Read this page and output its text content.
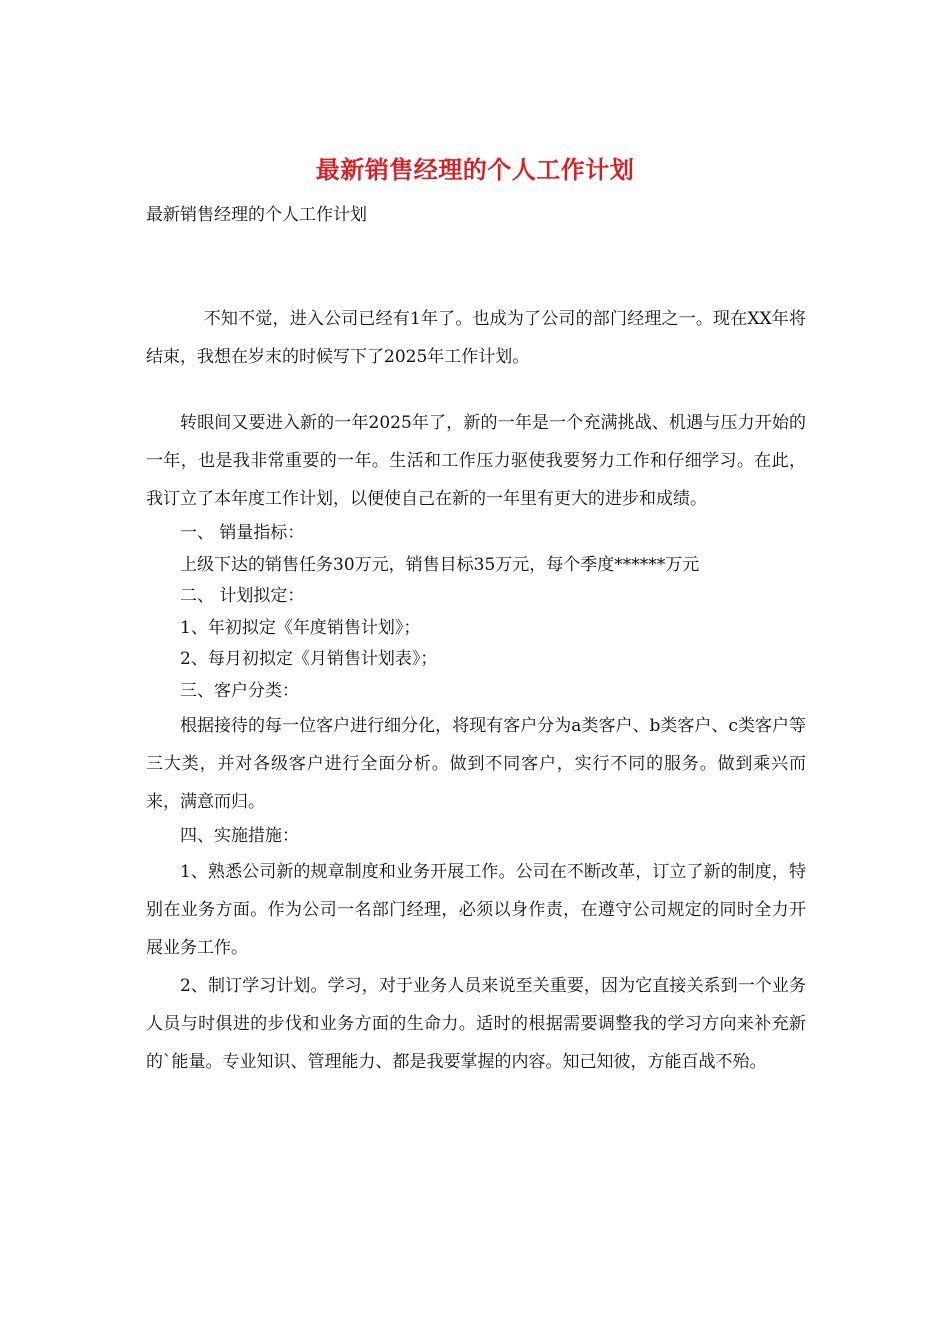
最新销售经理的个人工作计划
最新销售经理的个人工作计划

不知不觉，进入公司已经有1年了。也成为了公司的部门经理之一。现在XX年将结束，我想在岁末的时候写下了2025年工作计划。

转眼间又要进入新的一年2025年了，新的一年是一个充满挑战、机遇与压力开始的一年，也是我非常重要的一年。生活和工作压力驱使我要努力工作和仔细学习。在此，我订立了本年度工作计划，以便使自己在新的一年里有更大的进步和成绩。

一、 销量指标：

上级下达的销售任务30万元，销售目标35万元，每个季度******万元

二、 计划拟定：

1、年初拟定《年度销售计划》；

2、每月初拟定《月销售计划表》；

三、客户分类：

根据接待的每一位客户进行细分化，将现有客户分为a类客户、b类客户、c类客户等三大类，并对各级客户进行全面分析。做到不同客户，实行不同的服务。做到乘兴而来，满意而归。

四、实施措施：

1、熟悉公司新的规章制度和业务开展工作。公司在不断改革，订立了新的制度，特别在业务方面。作为公司一名部门经理，必须以身作责，在遵守公司规定的同时全力开展业务工作。

2、制订学习计划。学习，对于业务人员来说至关重要，因为它直接关系到一个业务人员与时俱进的步伐和业务方面的生命力。适时的根据需要调整我的学习方向来补充新的`能量。专业知识、管理能力、都是我要掌握的内容。知己知彼，方能百战不殆。
